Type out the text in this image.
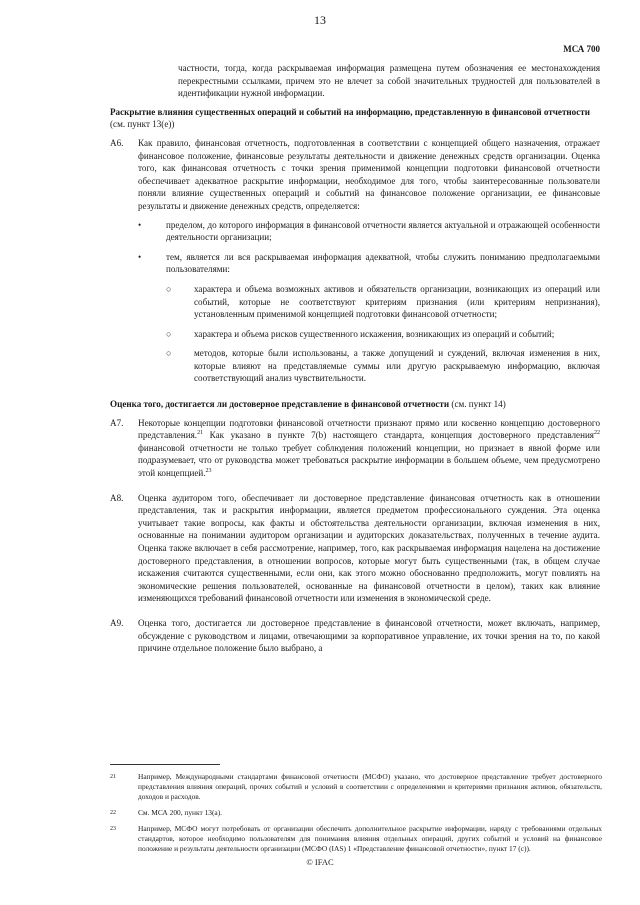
13
МСА 700

частности, тогда, когда раскрываемая информация размещена путем обозначения ее местонахождения перекрестными ссылками, причем это не влечет за собой значительных трудностей для пользователей в идентификации нужной информации.

Раскрытие влияния существенных операций и событий на информацию, представленную в финансовой отчетности (см. пункт 13(е))
А6.	Как правило, финансовая отчетность, подготовленная в соответствии с концепцией общего назначения, отражает финансовое положение, финансовые результаты деятельности и движение денежных средств организации. Оценка того, как финансовая отчетность с точки зрения применимой концепции подготовки финансовой отчетности обеспечивает адекватное раскрытие информации, необходимое для того, чтобы заинтересованные пользователи поняли влияние существенных операций и событий на финансовое положение организации, ее финансовые результаты и движение денежных средств, определяется:

•	пределом, до которого информация в финансовой отчетности является актуальной и отражающей особенности деятельности организации;
•	тем, является ли вся раскрываемая информация адекватной, чтобы служить пониманию предполагаемыми пользователями:
○	характера и объема возможных активов и обязательств организации, возникающих из операций или событий, которые не соответствуют критериям признания (или критериям непризнания), установленным применимой концепцией подготовки финансовой отчетности;
○	характера и объема рисков существенного искажения, возникающих из операций и событий;
○	методов, которые были использованы, а также допущений и суждений, включая изменения в них, которые влияют на представляемые суммы или другую раскрываемую информацию, включая соответствующий анализ чувствительности.
Оценка того, достигается ли достоверное представление в финансовой отчетности (см. пункт 14)
А7.	Некоторые концепции подготовки финансовой отчетности признают прямо или косвенно концепцию достоверного представления.$^{21}$ Как указано в пункте 7(b) настоящего стандарта, концепция достоверного представления$^{22}$ финансовой отчетности не только требует соблюдения положений концепции, но признает в явной форме или подразумевает, что от руководства может требоваться раскрытие информации в большем объеме, чем предусмотрено этой концепцией.$^{23}$

А8.	Оценка аудитором того, обеспечивает ли достоверное представление финансовая отчетность как в отношении представления, так и раскрытия информации, является предметом профессионального суждения. Эта оценка учитывает такие вопросы, как факты и обстоятельства деятельности организации, включая изменения в них, основанные на понимании аудитором организации и аудиторских доказательствах, полученных в течение аудита. Оценка также включает в себя рассмотрение, например, того, как раскрываемая информация нацелена на достижение достоверного представления, в отношении вопросов, которые могут быть существенными (так, в общем случае искажения считаются существенными, если они, как этого можно обоснованно предположить, могут повлиять на экономические решения пользователей, основанные на финансовой отчетности в целом), таких как влияние изменяющихся требований финансовой отчетности или изменения в экономической среде.

А9.	Оценка того, достигается ли достоверное представление в финансовой отчетности, может включать, например, обсуждение с руководством и лицами, отвечающими за корпоративное управление, их точки зрения на то, по какой причине отдельное положение было выбрано, а

21	Например, Международными стандартами финансовой отчетности (МСФО) указано, что достоверное представление требует достоверного представления влияния операций, прочих событий и условий в соответствии с определениями и критериями признания активов, обязательств, доходов и расходов.
22	См. МСА 200, пункт 13(а).
23	Например, МСФО могут потребовать от организации обеспечить дополнительное раскрытие информации, наряду с требованиями отдельных стандартов, которое необходимо пользователям для понимания влияния отдельных операций, других событий и условий на финансовое положение и результаты деятельности организации (МСФО (IAS) 1 «Представление финансовой отчетности», пункт 17 (с)).
© IFAC
